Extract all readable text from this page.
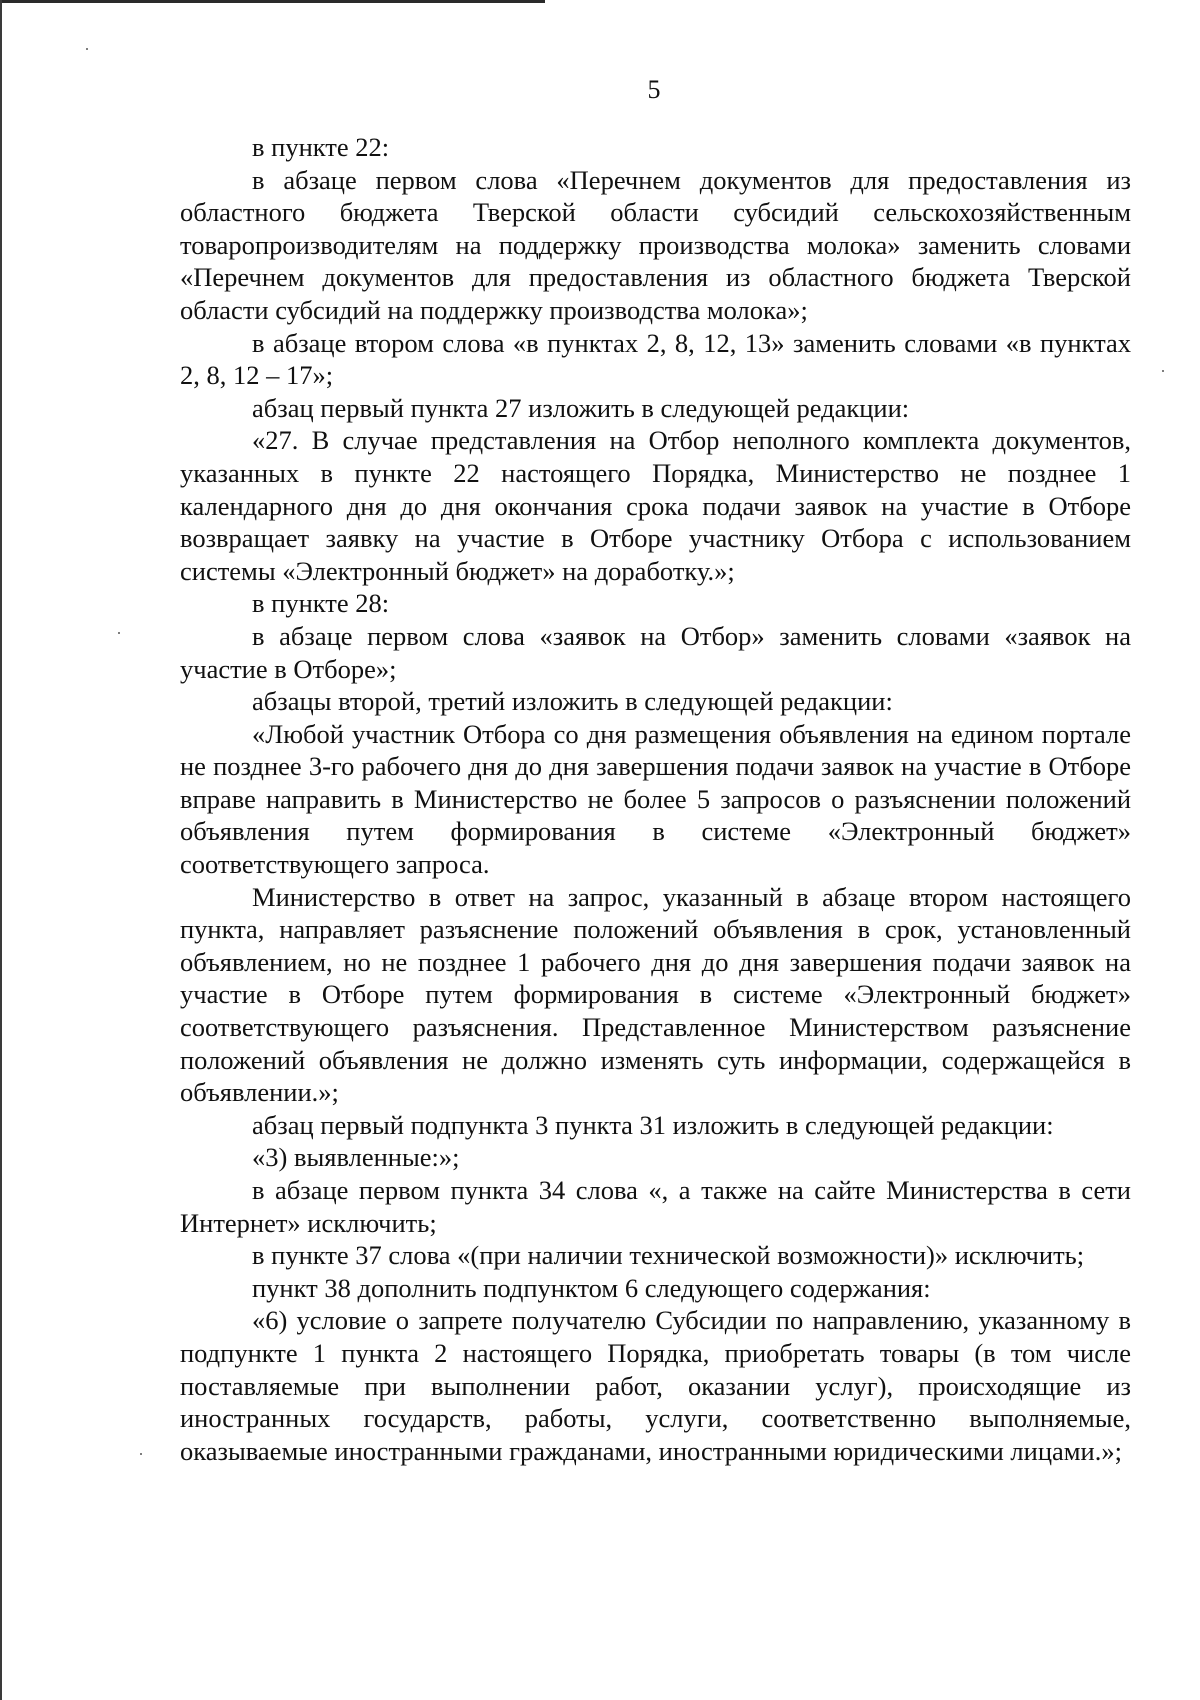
5

в пункте 22:

в абзаце первом слова «Перечнем документов для предоставления из областного бюджета Тверской области субсидий сельскохозяйственным товаропроизводителям на поддержку производства молока» заменить словами «Перечнем документов для предоставления из областного бюджета Тверской области субсидий на поддержку производства молока»;

в абзаце втором слова «в пунктах 2, 8, 12, 13» заменить словами «в пунктах 2, 8, 12 – 17»;

абзац первый пункта 27 изложить в следующей редакции:

«27. В случае представления на Отбор неполного комплекта документов, указанных в пункте 22 настоящего Порядка, Министерство не позднее 1 календарного дня до дня окончания срока подачи заявок на участие в Отборе возвращает заявку на участие в Отборе участнику Отбора с использованием системы «Электронный бюджет» на доработку.»;

в пункте 28:

в абзаце первом слова «заявок на Отбор» заменить словами «заявок на участие в Отборе»;

абзацы второй, третий изложить в следующей редакции:

«Любой участник Отбора со дня размещения объявления на едином портале не позднее 3-го рабочего дня до дня завершения подачи заявок на участие в Отборе вправе направить в Министерство не более 5 запросов о разъяснении положений объявления путем формирования в системе «Электронный бюджет» соответствующего запроса.

Министерство в ответ на запрос, указанный в абзаце втором настоящего пункта, направляет разъяснение положений объявления в срок, установленный объявлением, но не позднее 1 рабочего дня до дня завершения подачи заявок на участие в Отборе путем формирования в системе «Электронный бюджет» соответствующего разъяснения. Представленное Министерством разъяснение положений объявления не должно изменять суть информации, содержащейся в объявлении.»;

абзац первый подпункта 3 пункта 31 изложить в следующей редакции:

«3) выявленные:»;

в абзаце первом пункта 34 слова «, а также на сайте Министерства в сети Интернет» исключить;

в пункте 37 слова «(при наличии технической возможности)» исключить;

пункт 38 дополнить подпунктом 6 следующего содержания:

«6) условие о запрете получателю Субсидии по направлению, указанному в подпункте 1 пункта 2 настоящего Порядка, приобретать товары (в том числе поставляемые при выполнении работ, оказании услуг), происходящие из иностранных государств, работы, услуги, соответственно выполняемые, оказываемые иностранными гражданами, иностранными юридическими лицами.»;
